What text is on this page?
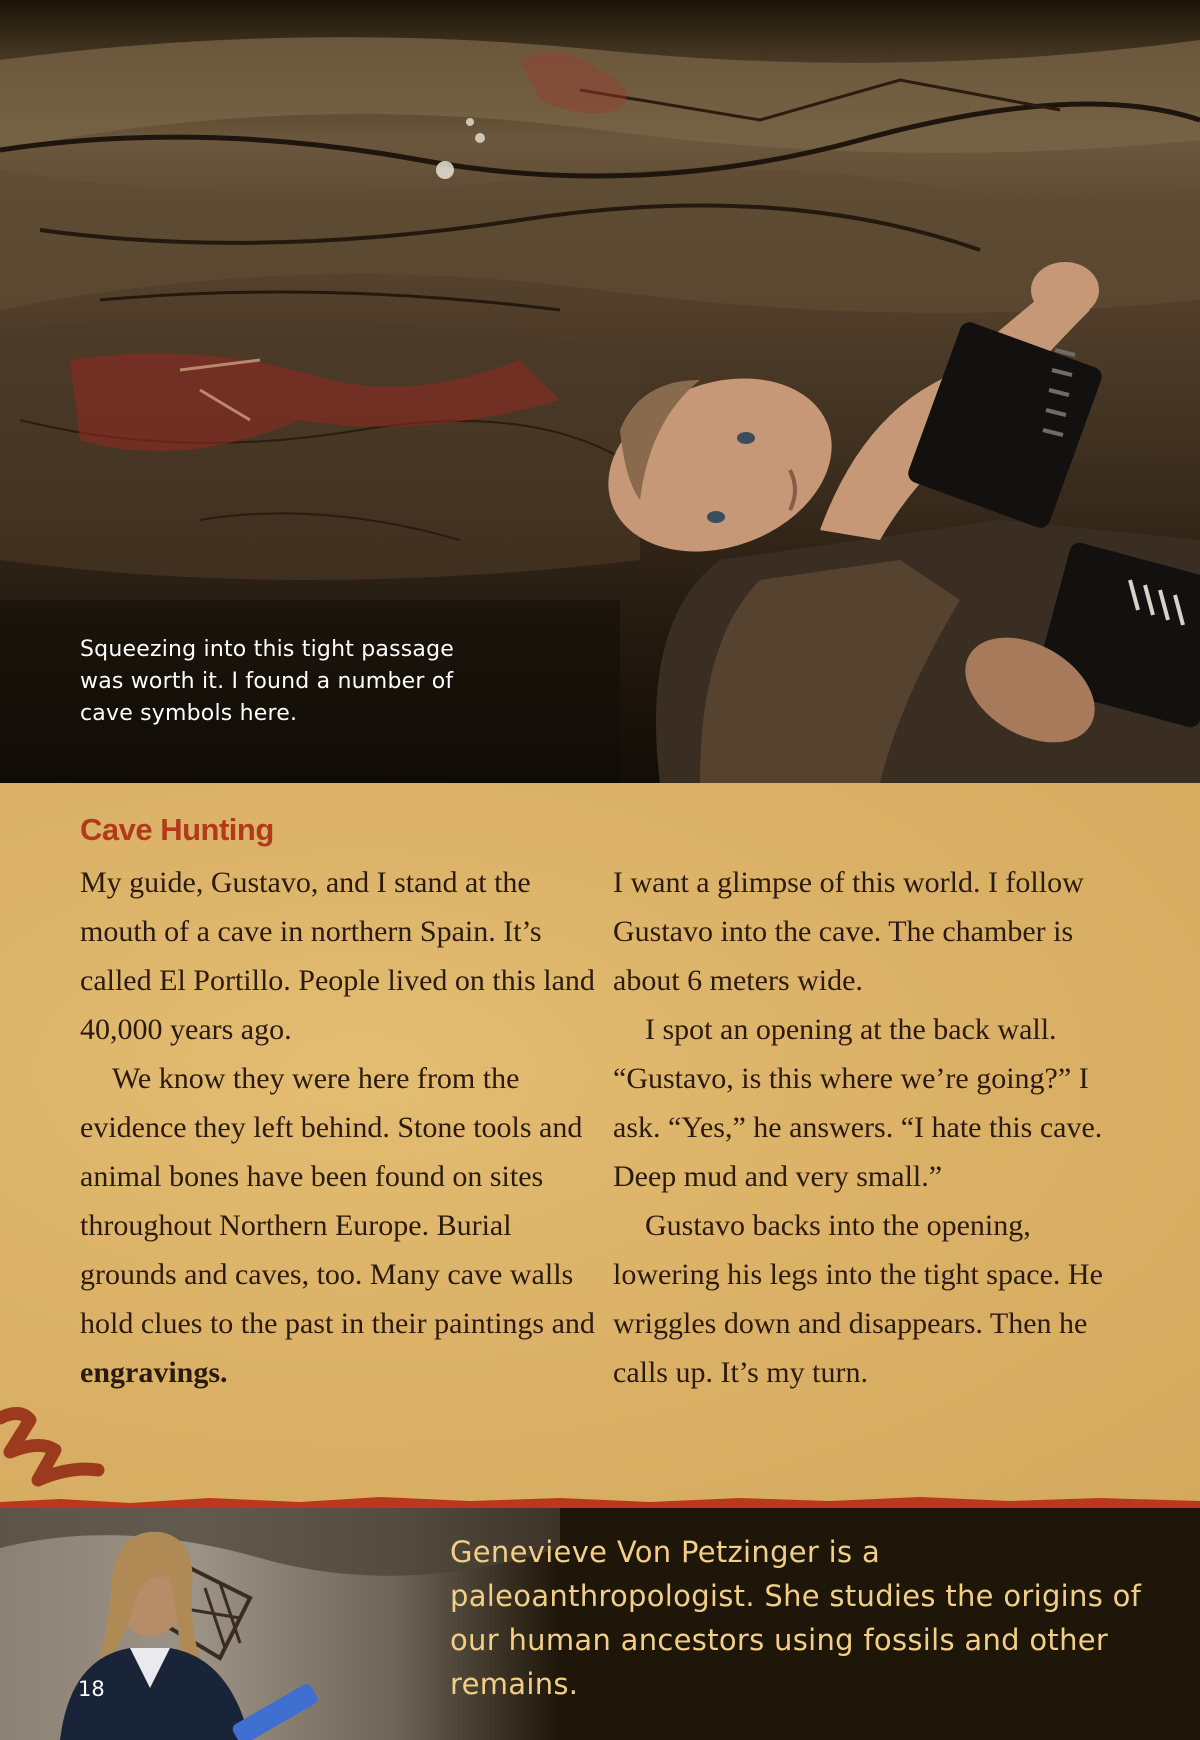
Squeezing into this tight passage was worth it. I found a number of cave symbols here.
Cave Hunting

My guide, Gustavo, and I stand at the mouth of a cave in northern Spain. It’s called El Portillo. People lived on this land 40,000 years ago.

We know they were here from the evidence they left behind. Stone tools and animal bones have been found on sites throughout Northern Europe. Burial grounds and caves, too. Many cave walls hold clues to the past in their paintings and engravings.

I want a glimpse of this world. I follow Gustavo into the cave. The chamber is about 6 meters wide.

I spot an opening at the back wall. “Gustavo, is this where we’re going?” I ask. “Yes,” he answers. “I hate this cave. Deep mud and very small.”

Gustavo backs into the opening, lowering his legs into the tight space. He wriggles down and disappears. Then he calls up. It’s my turn.

Genevieve Von Petzinger is a paleoanthropologist. She studies the origins of our human ancestors using fossils and other remains.
18
